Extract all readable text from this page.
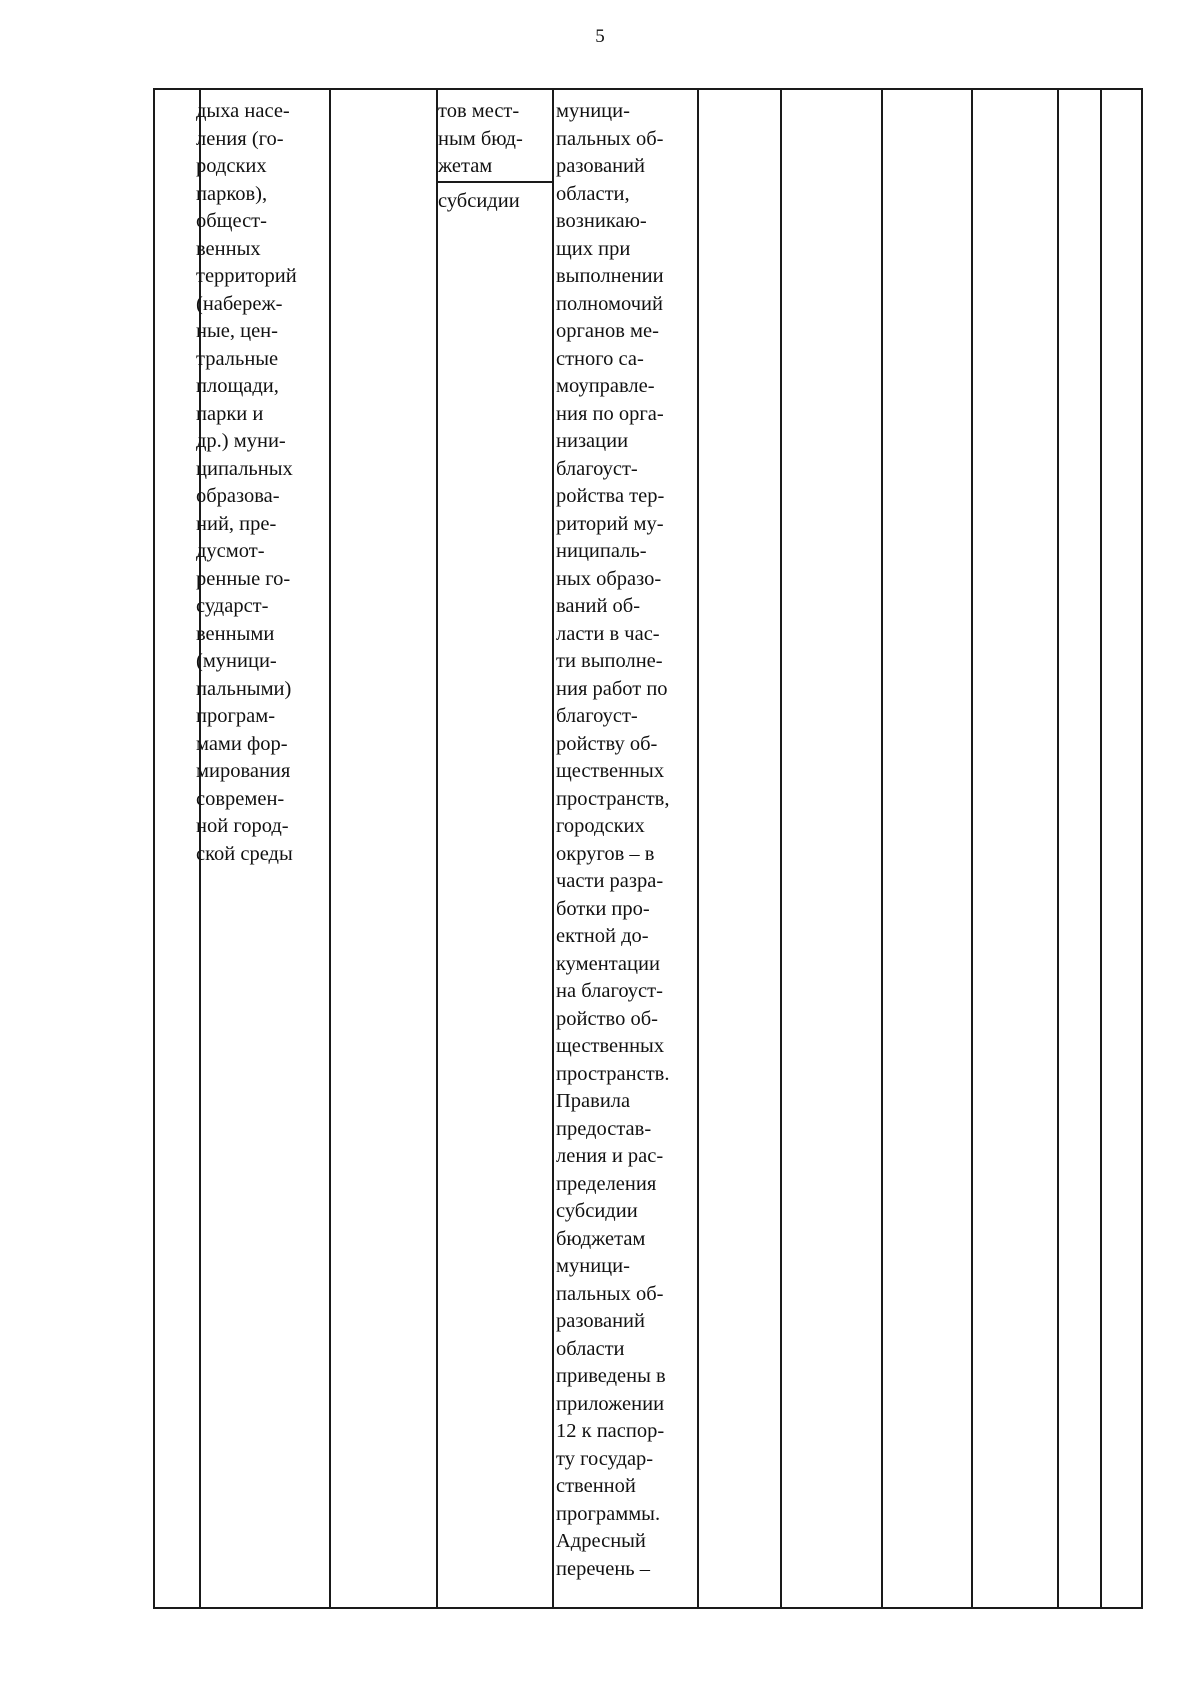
5

дыха насе-
ления (го-
родских
парков),
общест-
венных
территорий
(набереж-
ные, цен-
тральные
площади,
парки и
др.) муни-
ципальных
образова-
ний, пре-
дусмот-
ренные го-
сударст-
венными
(муници-
пальными)
програм-
мами фор-
мирования
современ-
ной город-
ской среды

тов мест-
ным бюд-
жетам

субсидии

муници-
пальных об-
разований
области,
возникаю-
щих при
выполнении
полномочий
органов ме-
стного са-
моуправле-
ния по орга-
низации
благоуст-
ройства тер-
риторий му-
ниципаль-
ных образо-
ваний об-
ласти в час-
ти выполне-
ния работ по
благоуст-
ройству об-
щественных
пространств,
городских
округов – в
части разра-
ботки про-
ектной до-
кументации
на благоуст-
ройство об-
щественных
пространств.
Правила
предостав-
ления и рас-
пределения
субсидии
бюджетам
муници-
пальных об-
разований
области
приведены в
приложении
12 к паспор-
ту государ-
ственной
программы.
Адресный
перечень –
